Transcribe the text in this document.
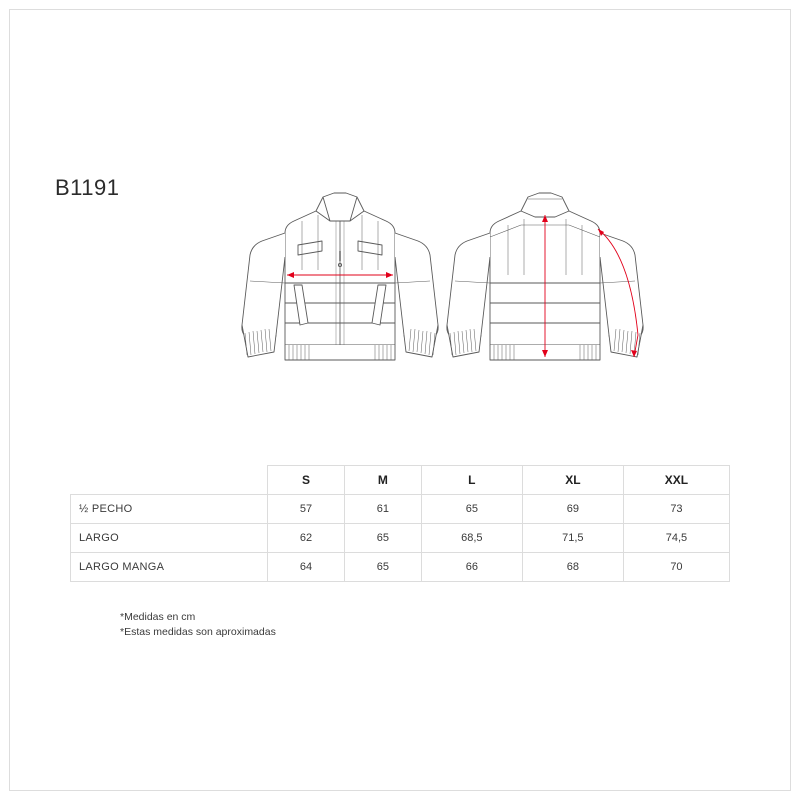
B1191
	S	M	L	XL	XXL
½ PECHO	57	61	65	69	73
LARGO	62	65	68,5	71,5	74,5
LARGO MANGA	64	65	66	68	70
*Medidas en cm
*Estas medidas son aproximadas
